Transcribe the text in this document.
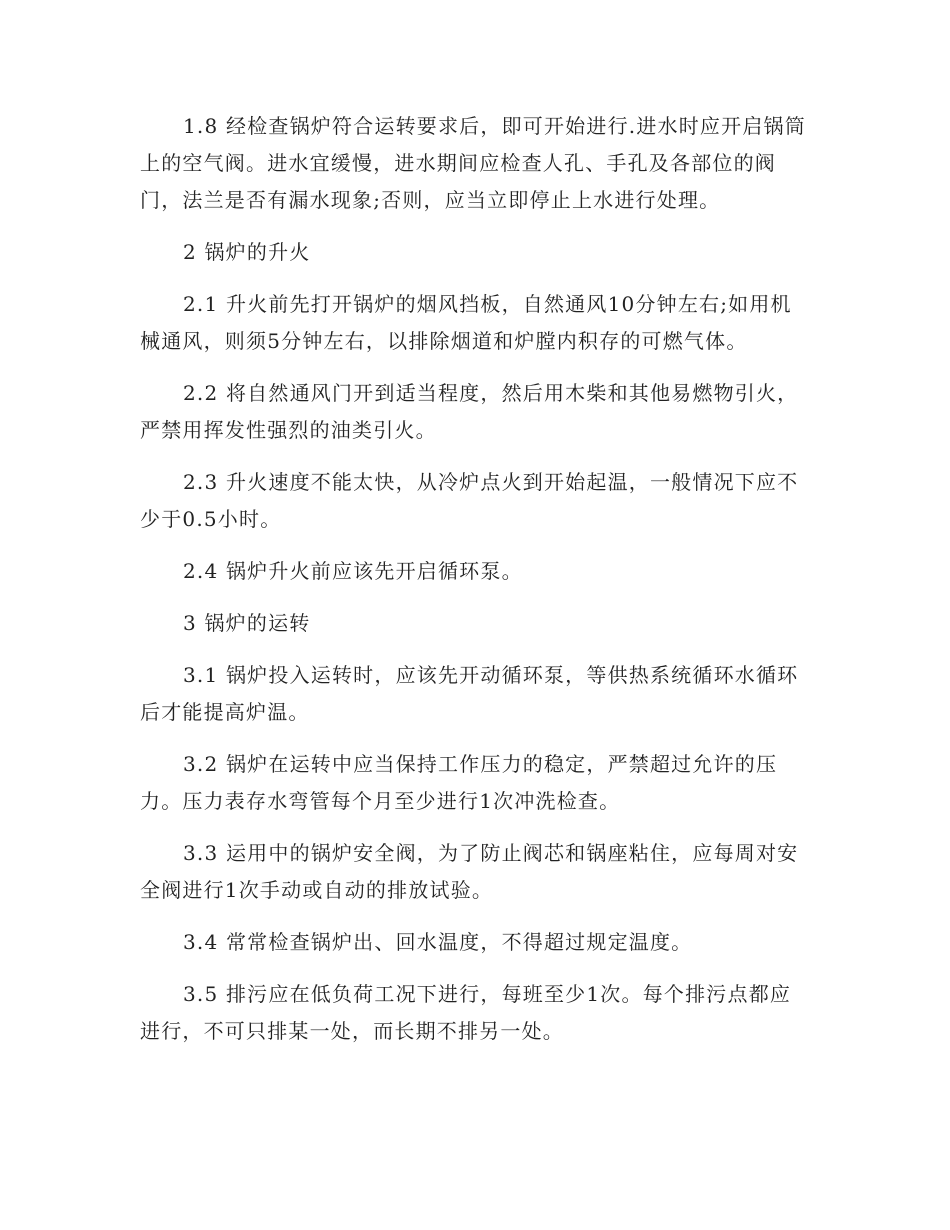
1.8 经检查锅炉符合运转要求后，即可开始进行.进水时应开启锅筒上的空气阀。进水宜缓慢，进水期间应检查人孔、手孔及各部位的阀门，法兰是否有漏水现象;否则，应当立即停止上水进行处理。

2 锅炉的升火

2.1 升火前先打开锅炉的烟风挡板，自然通风10分钟左右;如用机械通风，则须5分钟左右，以排除烟道和炉膛内积存的可燃气体。

2.2 将自然通风门开到适当程度，然后用木柴和其他易燃物引火，严禁用挥发性强烈的油类引火。

2.3 升火速度不能太快，从冷炉点火到开始起温，一般情况下应不少于0.5小时。

2.4 锅炉升火前应该先开启循环泵。

3 锅炉的运转

3.1 锅炉投入运转时，应该先开动循环泵，等供热系统循环水循环后才能提高炉温。

3.2 锅炉在运转中应当保持工作压力的稳定，严禁超过允许的压力。压力表存水弯管每个月至少进行1次冲洗检查。

3.3 运用中的锅炉安全阀，为了防止阀芯和锅座粘住，应每周对安全阀进行1次手动或自动的排放试验。

3.4 常常检查锅炉出、回水温度，不得超过规定温度。

3.5 排污应在低负荷工况下进行，每班至少1次。每个排污点都应进行，不可只排某一处，而长期不排另一处。
